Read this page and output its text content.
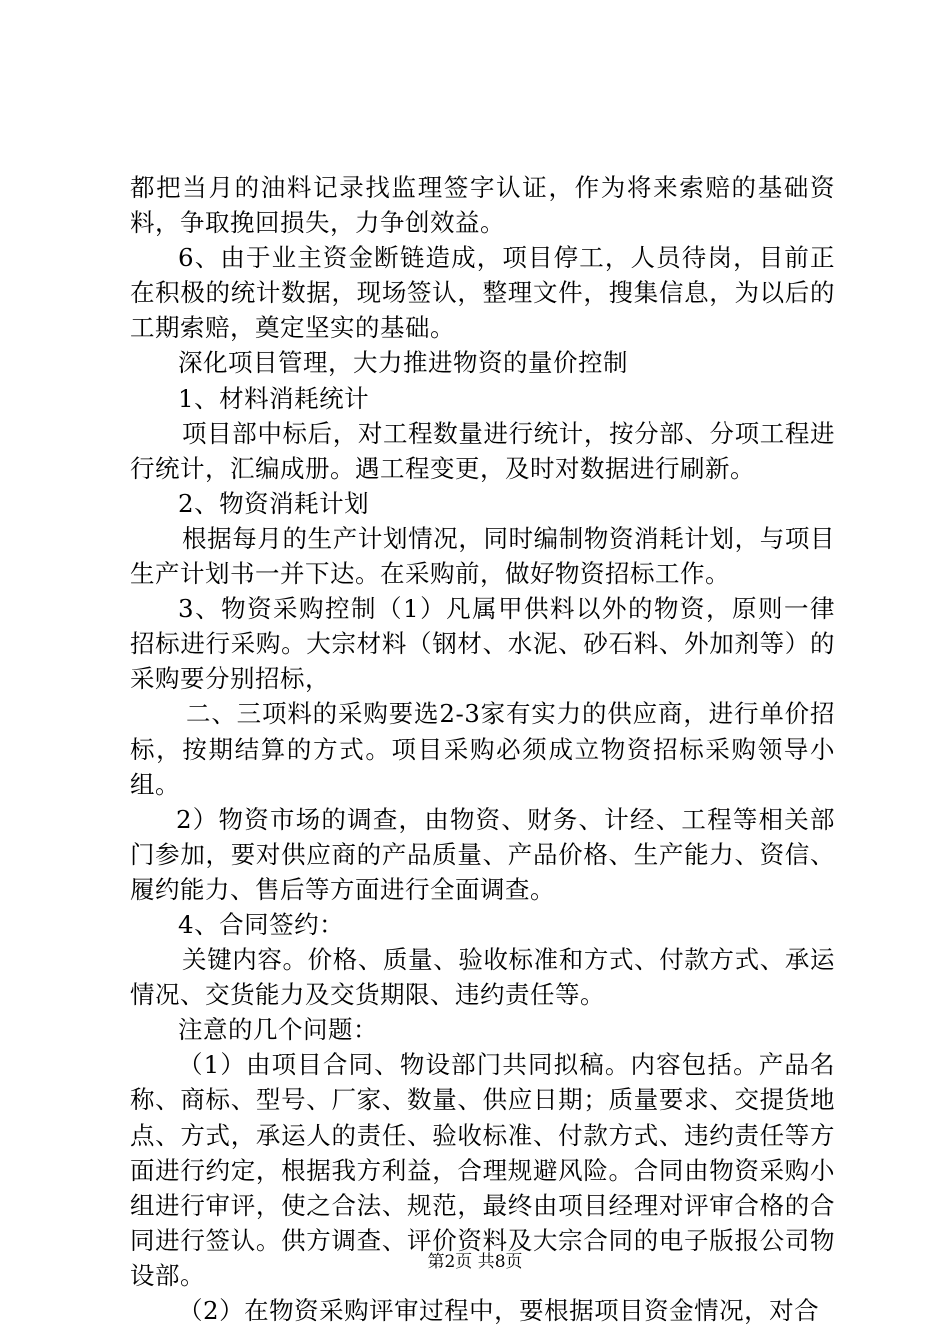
都把当月的油料记录找监理签字认证，作为将来索赔的基础资料，争取挽回损失，力争创效益。

6、由于业主资金断链造成，项目停工，人员待岗，目前正在积极的统计数据，现场签认，整理文件，搜集信息，为以后的工期索赔，奠定坚实的基础。

深化项目管理，大力推进物资的量价控制

1、材料消耗统计

项目部中标后，对工程数量进行统计，按分部、分项工程进行统计，汇编成册。遇工程变更，及时对数据进行刷新。

2、物资消耗计划

根据每月的生产计划情况，同时编制物资消耗计划，与项目生产计划书一并下达。在采购前，做好物资招标工作。

3、物资采购控制（1）凡属甲供料以外的物资，原则一律招标进行采购。大宗材料（钢材、水泥、砂石料、外加剂等）的采购要分别招标，

二、三项料的采购要选2-3家有实力的供应商，进行单价招标，按期结算的方式。项目采购必须成立物资招标采购领导小组。

2）物资市场的调查，由物资、财务、计经、工程等相关部门参加，要对供应商的产品质量、产品价格、生产能力、资信、履约能力、售后等方面进行全面调查。

4、合同签约：

关键内容。价格、质量、验收标准和方式、付款方式、承运情况、交货能力及交货期限、违约责任等。

注意的几个问题：

（1）由项目合同、物设部门共同拟稿。内容包括。产品名称、商标、型号、厂家、数量、供应日期；质量要求、交提货地点、方式，承运人的责任、验收标准、付款方式、违约责任等方面进行约定，根据我方利益，合理规避风险。合同由物资采购小组进行审评，使之合法、规范，最终由项目经理对评审合格的合同进行签认。供方调查、评价资料及大宗合同的电子版报公司物设部。

（2）在物资采购评审过程中，要根据项目资金情况，对合

第2页 共8页
